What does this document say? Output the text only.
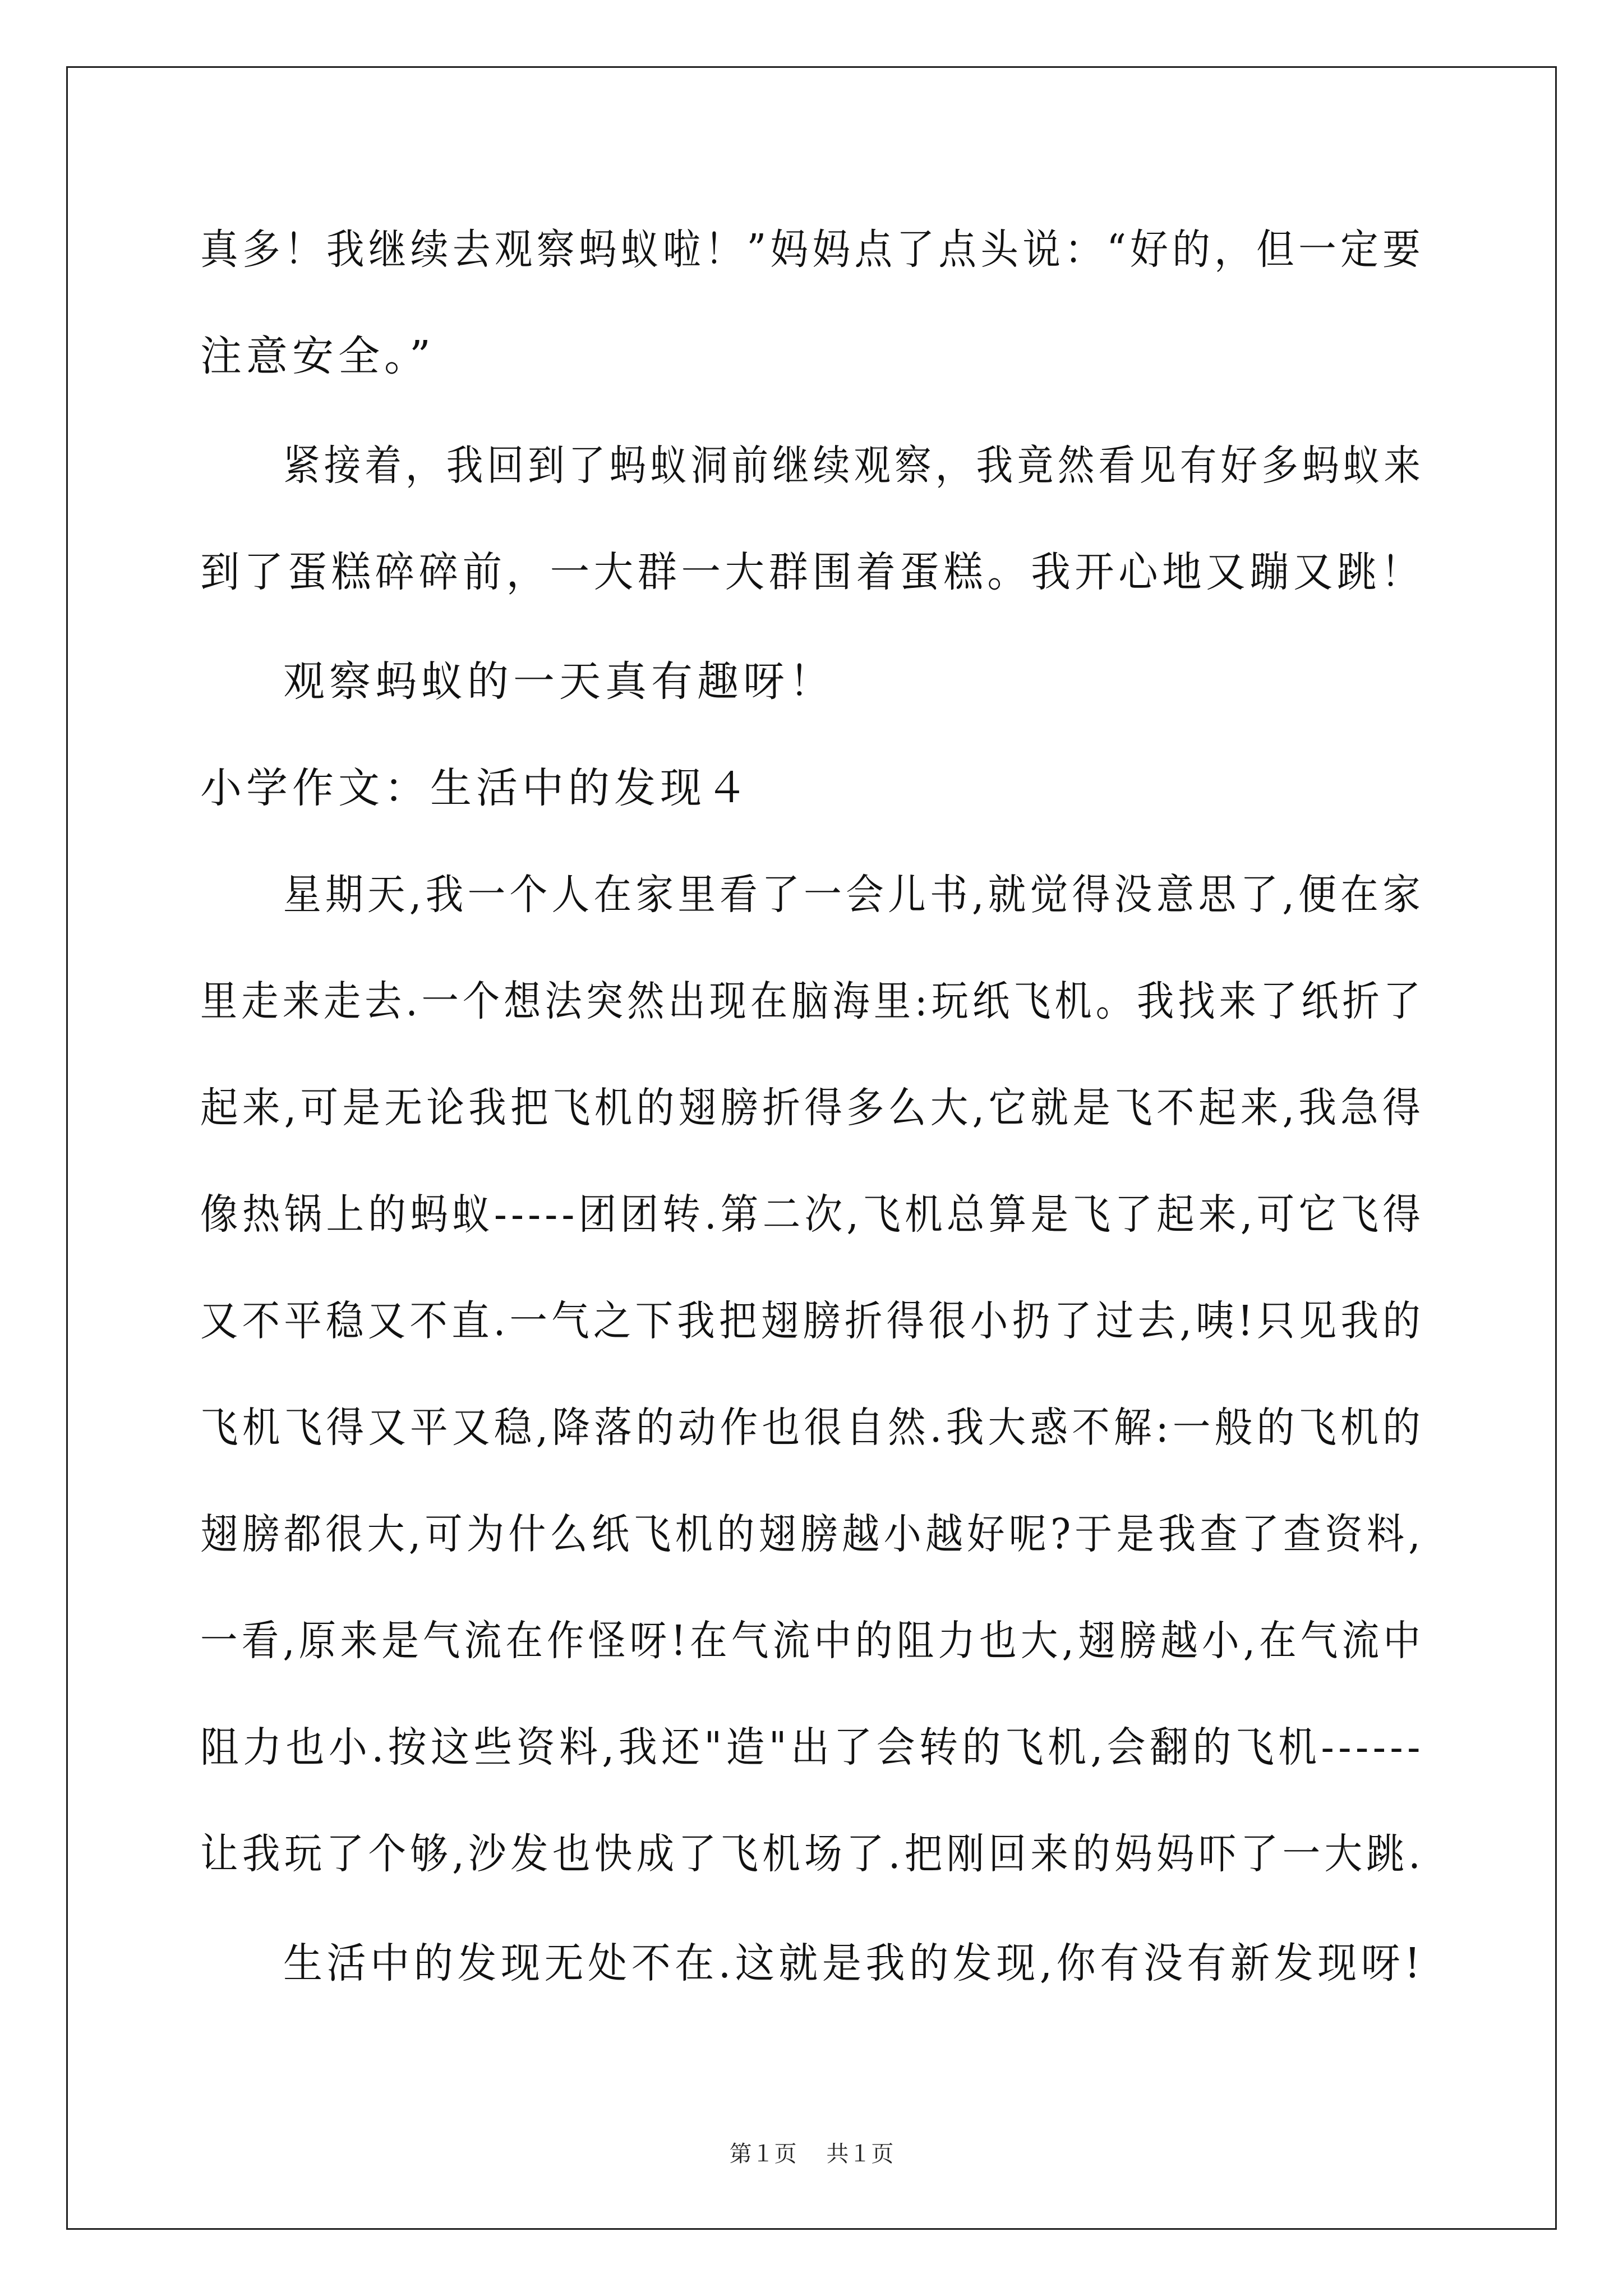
真多！我继续去观察蚂蚁啦！”妈妈点了点头说：“好的，但一定要
注意安全。”
紧接着，我回到了蚂蚁洞前继续观察，我竟然看见有好多蚂蚁来
到了蛋糕碎碎前，一大群一大群围着蛋糕。我开心地又蹦又跳！
观察蚂蚁的一天真有趣呀！
小学作文：生活中的发现４
星期天,我一个人在家里看了一会儿书,就觉得没意思了,便在家
里走来走去.一个想法突然出现在脑海里:玩纸飞机。我找来了纸折了
起来,可是无论我把飞机的翅膀折得多么大,它就是飞不起来,我急得
像热锅上的蚂蚁-----团团转.第二次,飞机总算是飞了起来,可它飞得
又不平稳又不直.一气之下我把翅膀折得很小扔了过去,咦!只见我的
飞机飞得又平又稳,降落的动作也很自然.我大惑不解:一般的飞机的
翅膀都很大,可为什么纸飞机的翅膀越小越好呢?于是我查了查资料,
一看,原来是气流在作怪呀!在气流中的阻力也大,翅膀越小,在气流中
阻力也小.按这些资料,我还"造"出了会转的飞机,会翻的飞机------
让我玩了个够,沙发也快成了飞机场了.把刚回来的妈妈吓了一大跳.
生活中的发现无处不在.这就是我的发现,你有没有新发现呀!
第１页 共１页
